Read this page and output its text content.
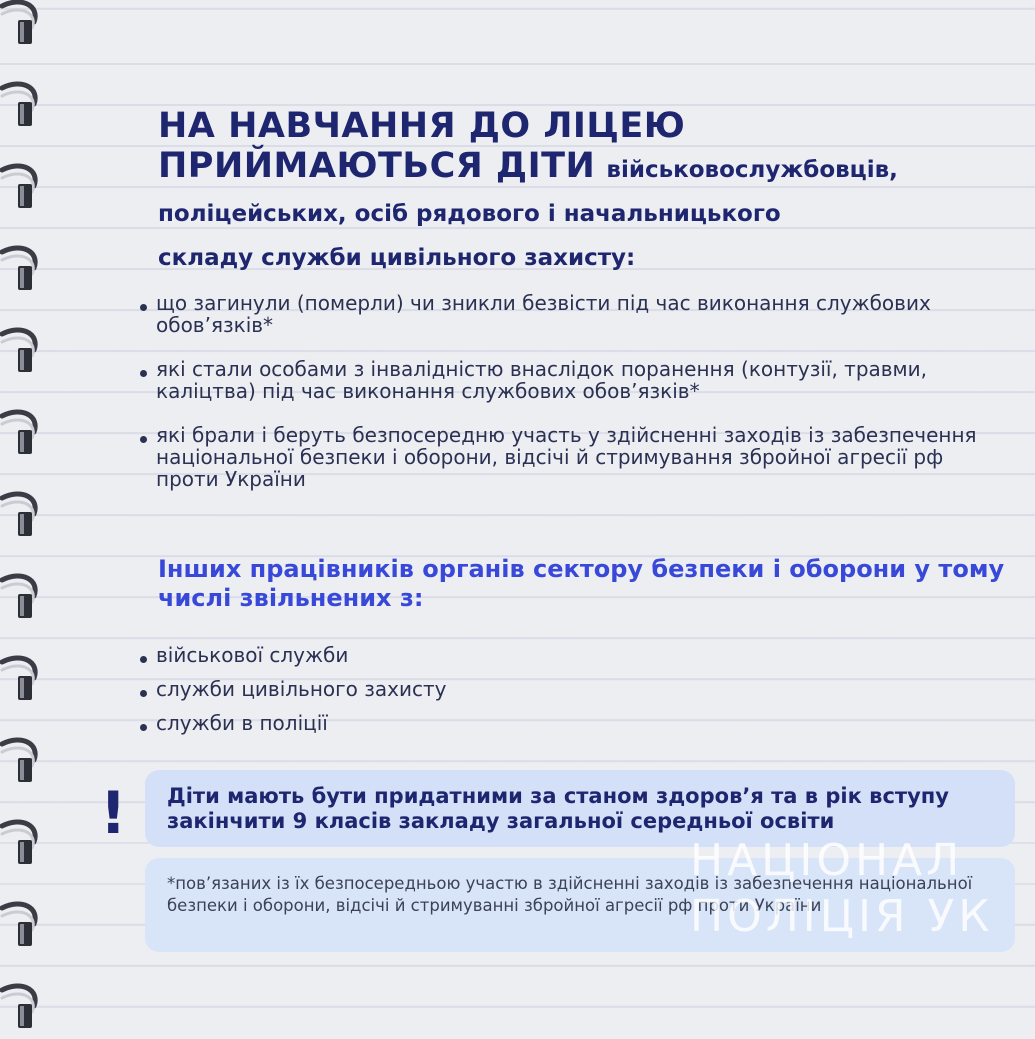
НА НАВЧАННЯ ДО ЛІЦЕЮ
ПРИЙМАЮТЬСЯ ДІТИ військовослужбовців,
поліцейських, осіб рядового і начальницького
складу служби цивільного захисту:
що загинули (померли) чи зникли безвісти під час виконання службових обов’язків*
які стали особами з інвалідністю внаслідок поранення (контузії, травми, каліцтва) під час виконання службових обов’язків*
які брали і беруть безпосередню участь у здійсненні заходів із забезпечення національної безпеки і оборони, відсічі й стримування збройної агресії рф проти України
Інших працівників органів сектору безпеки і оборони у тому числі звільнених з:
військової служби
служби цивільного захисту
служби в поліції
! Діти мають бути придатними за станом здоров’я та в рік вступу закінчити 9 класів закладу загальної середньої освіти

*пов’язаних із їх безпосередньою участю в здійсненні заходів із забезпечення національної безпеки і оборони, відсічі й стримуванні збройної агресії рф проти України

НАЦІОНАЛ
ПОЛІЦІЯ УК
